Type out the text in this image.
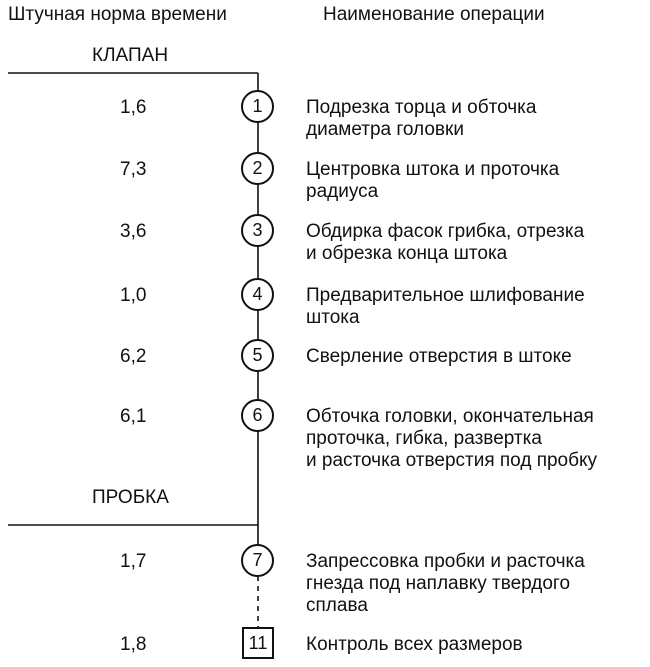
Штучная норма времени	Наименование операции
КЛАПАН
ПРОБКА
1,6	1	Подрезка торца и обточка
диаметра головки
7,3	2	Центровка штока и проточка
радиуса
3,6	3	Обдирка фасок грибка, отрезка
и обрезка конца штока
1,0	4	Предварительное шлифование
штока
6,2	5	Сверление отверстия в штоке
6,1	6	Обточка головки, окончательная
проточка, гибка, развертка
и расточка отверстия под пробку
1,7	7	Запрессовка пробки и расточка
гнезда под наплавку твердого
сплава
1,8	11	Контроль всех размеров
